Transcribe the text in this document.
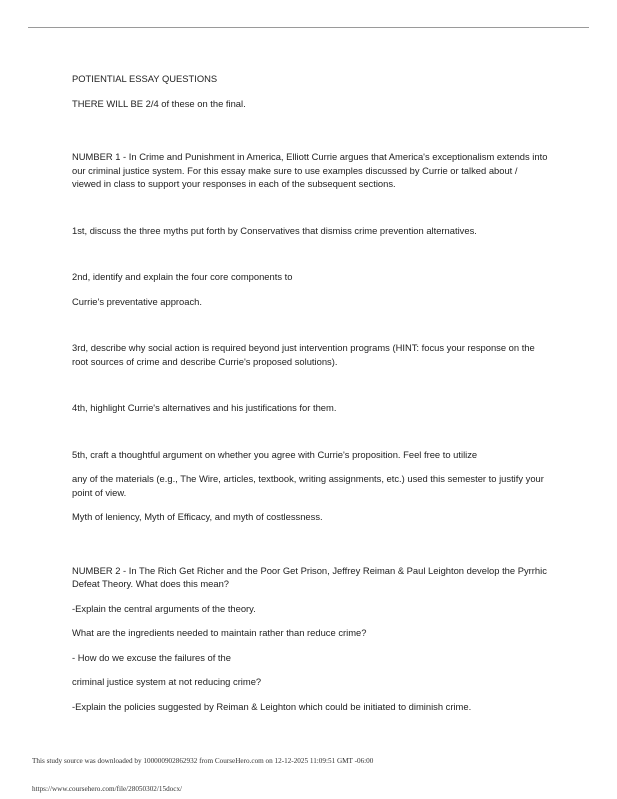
POTIENTIAL ESSAY QUESTIONS

THERE WILL BE 2/4 of these on the final.

NUMBER 1 - In Crime and Punishment in America, Elliott Currie argues that America's exceptionalism extends into our criminal justice system. For this essay make sure to use examples discussed by Currie or talked about / viewed in class to support your responses in each of the subsequent sections.

1st, discuss the three myths put forth by Conservatives that dismiss crime prevention alternatives.

2nd, identify and explain the four core components to

Currie's preventative approach.

3rd, describe why social action is required beyond just intervention programs (HINT: focus your response on the root sources of crime and describe Currie's proposed solutions).

4th, highlight Currie's alternatives and his justifications for them.

5th, craft a thoughtful argument on whether you agree with Currie's proposition. Feel free to utilize

any of the materials (e.g., The Wire, articles, textbook, writing assignments, etc.) used this semester to justify your point of view.

Myth of leniency, Myth of Efficacy, and myth of costlessness.

NUMBER 2 - In The Rich Get Richer and the Poor Get Prison, Jeffrey Reiman & Paul Leighton develop the Pyrrhic Defeat Theory. What does this mean?

-Explain the central arguments of the theory.

What are the ingredients needed to maintain rather than reduce crime?

- How do we excuse the failures of the

criminal justice system at not reducing crime?

-Explain the policies suggested by Reiman & Leighton which could be initiated to diminish crime.

This study source was downloaded by 100000902862932 from CourseHero.com on 12-12-2025 11:09:51 GMT -06:00
https://www.coursehero.com/file/28050302/15docx/
